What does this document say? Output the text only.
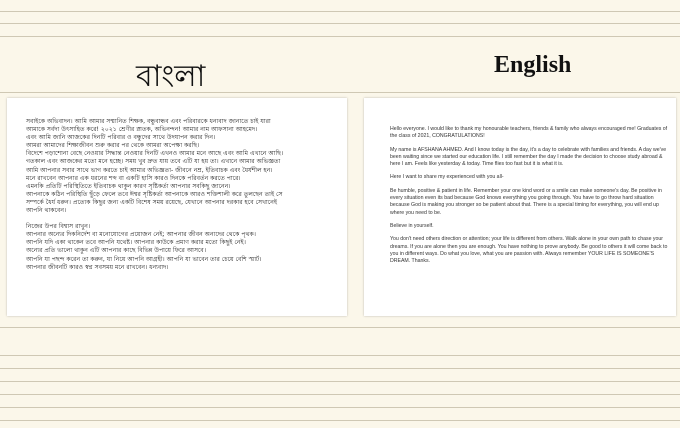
বাংলা	English

সবাইকে অভিবাদন। আমি আমার সম্মানিত শিক্ষক, বন্ধুবান্ধব এবং পরিবারকে ধন্যবাদ জানাতে চাই যারা

আমাকে সর্বদা উৎসাহিত করে! ২০২১ শ্রেণীর স্নাতক, অভিনন্দন! আমার নাম আফসানা আহমেদ।

এবং আমি জানি আজকের দিনটি পরিবার ও বন্ধুদের সাথে উদযাপন করার দিন।

আমরা আমাদের শিক্ষাজীবন শুরু করার পর থেকে আমরা অপেক্ষা করছি।

বিদেশে পড়াশোনা বেছে নেওয়ার সিদ্ধান্ত নেওয়ার দিনটি এখনও আমার মনে আছে এবং আমি এখানে আছি।

গতকাল এবং আজকের মতো মনে হচ্ছে। সময় খুব দ্রুত যায় তবে এটি যা হয় তা। এখানে আমার অভিজ্ঞতা

আমি আপনার সবার সাথে ভাগ করতে চাই আমার অভিজ্ঞতা- জীবনে নম্র, ইতিবাচক এবং ধৈর্যশীল হন।

মনে রাখবেন আপনার এক ধরনের শব্দ বা একটি হাসি কারও দিনকে পরিবর্তন করতে পারে।

এমনকি প্রতিটি পরিস্থিতিতে ইতিবাচক থাকুন কারণ সৃষ্টিকর্তা আপনার সবকিছু জানেন।

আপনাকে কঠিন পরিস্থিতি ছুঁড়ে ফেলে তবে ঈশ্বর সৃষ্টিকর্তা আপনাকে আরও শক্তিশালী করে তুলছেন তাই সে

সম্পর্কে ধৈর্য ধরুন। প্রত্যেক কিছুর জন্য একটি বিশেষ সময় রয়েছে, যেখানে আপনার দরকার হবে সেখানেই

আপনি থাকবেন।

নিজের উপর বিশ্বাস রাখুন।

আপনার অন্যের দিকনির্দেশ বা মনোযোগের প্রয়োজন নেই; আপনার জীবন অন্যদের থেকে পৃথক।

আপনি যদি একা থাকেন তবে আপনি যথেষ্ট। আপনার কাউকে প্রমাণ করার মতো কিছুই নেই।

অন্যের প্রতি ভালো থাকুন এটি আপনার কাছে বিভিন্ন উপায়ে ফিরে আসবে।

আপনি যা পছন্দ করেন তা করুন, যা নিয়ে আপনি আগ্রহী। আপনি যা ভাবেন তার চেয়ে বেশি স্মার্ট।

আপনার জীবনটি কারও স্বপ্ন সবসময় মনে রাখবেন। ধন্যবাদ।

Hello everyone. I would like to thank my honourable teachers, friends & family who always encouraged me! Graduates of the class of 2021, CONGRATULATIONS!

My name is AFSHANA AHMED. And I know today is the day, it's a day to celebrate with families and friends. A day we've been waiting since we started our education life. I still remember the day I made the decision to choose study abroad & here I am. Feels like yesterday & today. Time flies too fast but it is what it is.

Here I want to share my experienced with you all-

Be humble, positive & patient in life. Remember your one kind word or a smile can make someone's day. Be positive in every situation even its bad because God knows everything you going through. You have to go throw hard situation because God is making you stronger so be patient about that. There is a special timing for everything, you will end up where you need to be.

Believe in yourself.

You don't need others direction or attention; your life is different from others. Walk alone in your own path to chase your dreams. If you are alone then you are enough. You have nothing to prove anybody. Be good to others it will come back to you in different ways. Do what you love, what you are passion with. Always remember YOUR LIFE IS SOMEONE'S DREAM. Thanks.
